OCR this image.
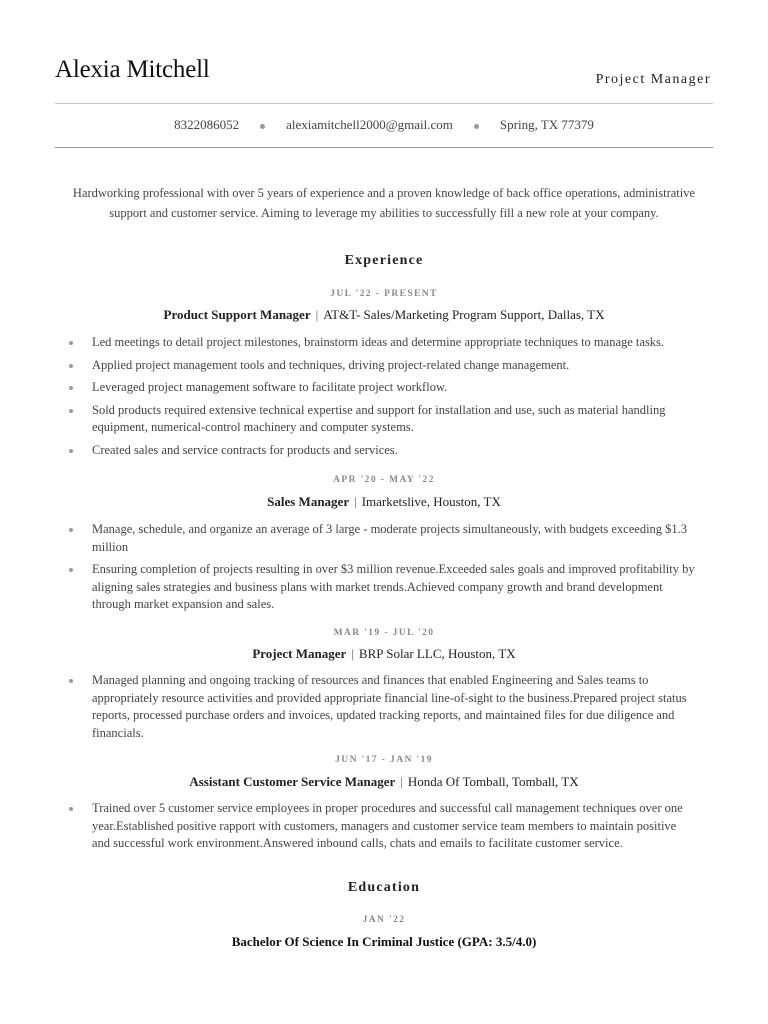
Alexia Mitchell	Project Manager
8322086052	alexiamitchell2000@gmail.com	Spring, TX 77379
Hardworking professional with over 5 years of experience and a proven knowledge of back office operations, administrative support and customer service. Aiming to leverage my abilities to successfully fill a new role at your company.
Experience
JUL '22 - PRESENT
Product Support Manager | AT&T- Sales/Marketing Program Support, Dallas, TX
Led meetings to detail project milestones, brainstorm ideas and determine appropriate techniques to manage tasks.
Applied project management tools and techniques, driving project-related change management.
Leveraged project management software to facilitate project workflow.
Sold products required extensive technical expertise and support for installation and use, such as material handling equipment, numerical-control machinery and computer systems.
Created sales and service contracts for products and services.
APR '20 - MAY '22
Sales Manager | Imarketslive, Houston, TX
Manage, schedule, and organize an average of 3 large - moderate projects simultaneously, with budgets exceeding $1.3 million
Ensuring completion of projects resulting in over $3 million revenue.Exceeded sales goals and improved profitability by aligning sales strategies and business plans with market trends.Achieved company growth and brand development through market expansion and sales.
MAR '19 - JUL '20
Project Manager | BRP Solar LLC, Houston, TX
Managed planning and ongoing tracking of resources and finances that enabled Engineering and Sales teams to appropriately resource activities and provided appropriate financial line-of-sight to the business.Prepared project status reports, processed purchase orders and invoices, updated tracking reports, and maintained files for due diligence and financials.
JUN '17 - JAN '19
Assistant Customer Service Manager | Honda Of Tomball, Tomball, TX
Trained over 5 customer service employees in proper procedures and successful call management techniques over one year.Established positive rapport with customers, managers and customer service team members to maintain positive and successful work environment.Answered inbound calls, chats and emails to facilitate customer service.
Education
JAN '22
Bachelor Of Science In Criminal Justice (GPA: 3.5/4.0)
